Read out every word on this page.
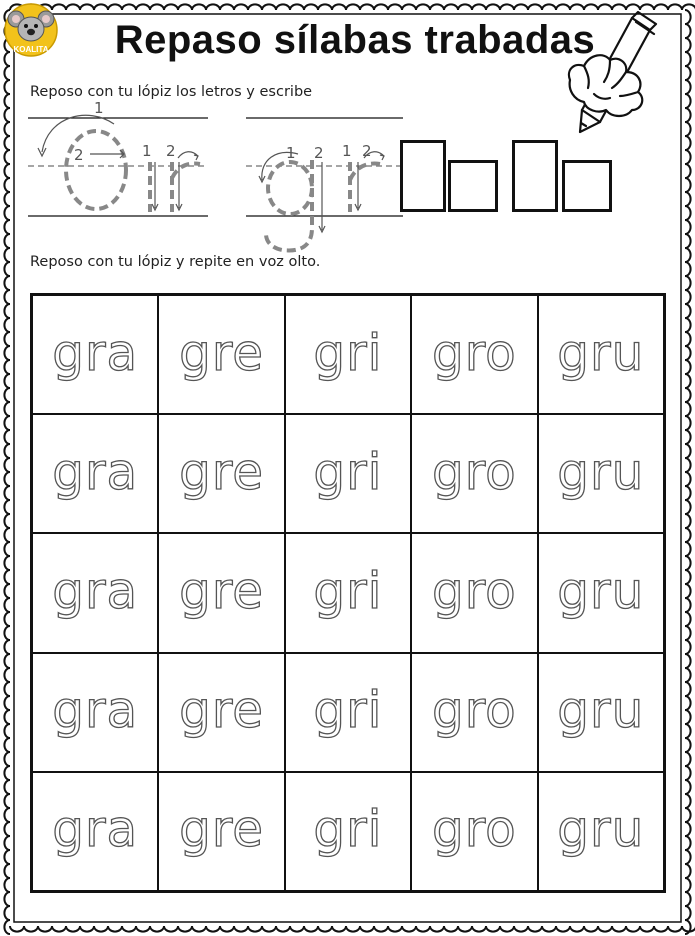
KOALITA	Repaso sílabas trabadas
Reposo con tu lópiz los letros y escribe
1
2	1 2	1 2 1 2
Reposo con tu lópiz y repite en voz olto.
gra gre gri gro gru
gra gre gri gro gru
gra gre gri gro gru
gra gre gri gro gru
gra gre gri gro gru
